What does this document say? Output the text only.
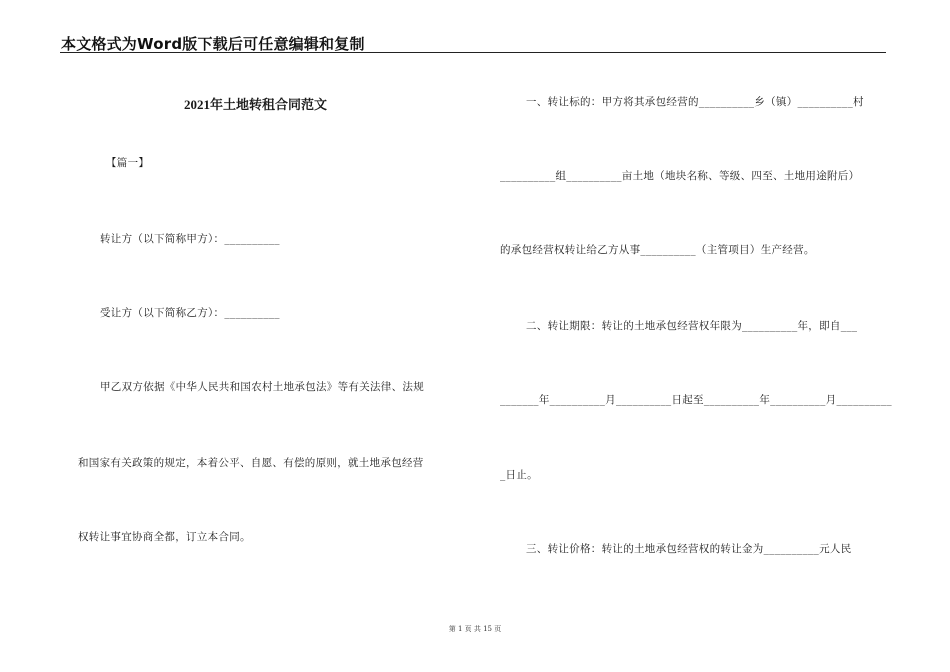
本文格式为Word版下载后可任意编辑和复制
2021年土地转租合同范文
【篇一】
转让方（以下简称甲方）：__________
受让方（以下简称乙方）：__________
甲乙双方依据《中华人民共和国农村土地承包法》等有关法律、法规
和国家有关政策的规定，本着公平、自愿、有偿的原则，就土地承包经营
权转让事宜协商全都，订立本合同。
一、转让标的：甲方将其承包经营的__________乡（镇）__________村
__________组__________亩土地（地块名称、等级、四至、土地用途附后）
的承包经营权转让给乙方从事__________（主管项目）生产经营。
二、转让期限：转让的土地承包经营权年限为__________年，即自___
_______年__________月__________日起至__________年__________月__________
_日止。
三、转让价格：转让的土地承包经营权的转让金为__________元人民
第 1 页 共 15 页
